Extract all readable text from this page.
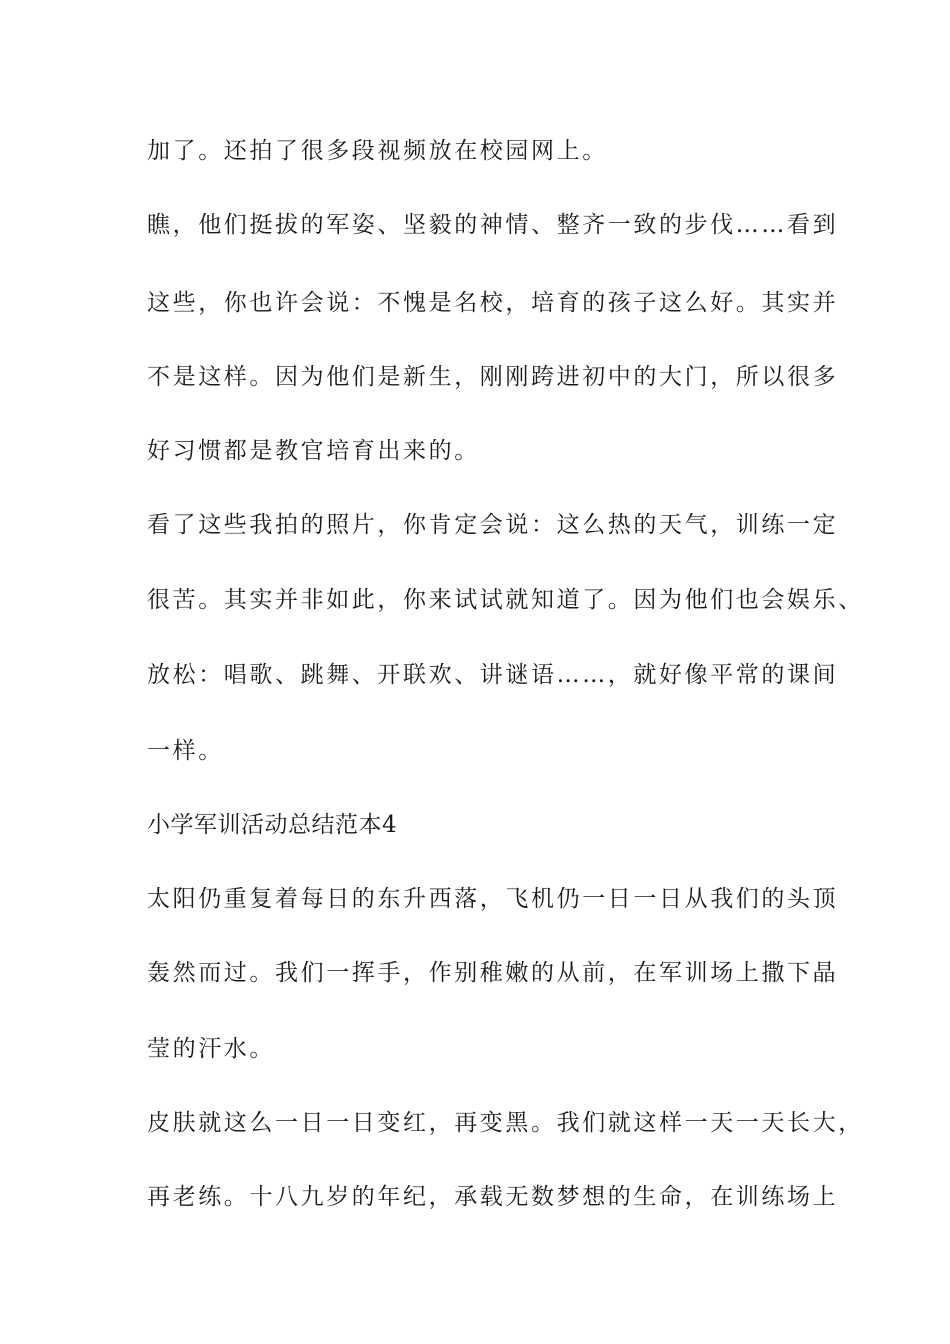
加了。还拍了很多段视频放在校园网上。
瞧，他们挺拔的军姿、坚毅的神情、整齐一致的步伐……看到
这些，你也许会说：不愧是名校，培育的孩子这么好。其实并
不是这样。因为他们是新生，刚刚跨进初中的大门，所以很多
好习惯都是教官培育出来的。
看了这些我拍的照片，你肯定会说：这么热的天气，训练一定
很苦。其实并非如此，你来试试就知道了。因为他们也会娱乐、
放松：唱歌、跳舞、开联欢、讲谜语……，就好像平常的课间
一样。
小学军训活动总结范本4
太阳仍重复着每日的东升西落，飞机仍一日一日从我们的头顶
轰然而过。我们一挥手，作别稚嫩的从前，在军训场上撒下晶
莹的汗水。
皮肤就这么一日一日变红，再变黑。我们就这样一天一天长大，
再老练。十八九岁的年纪，承载无数梦想的生命，在训练场上
